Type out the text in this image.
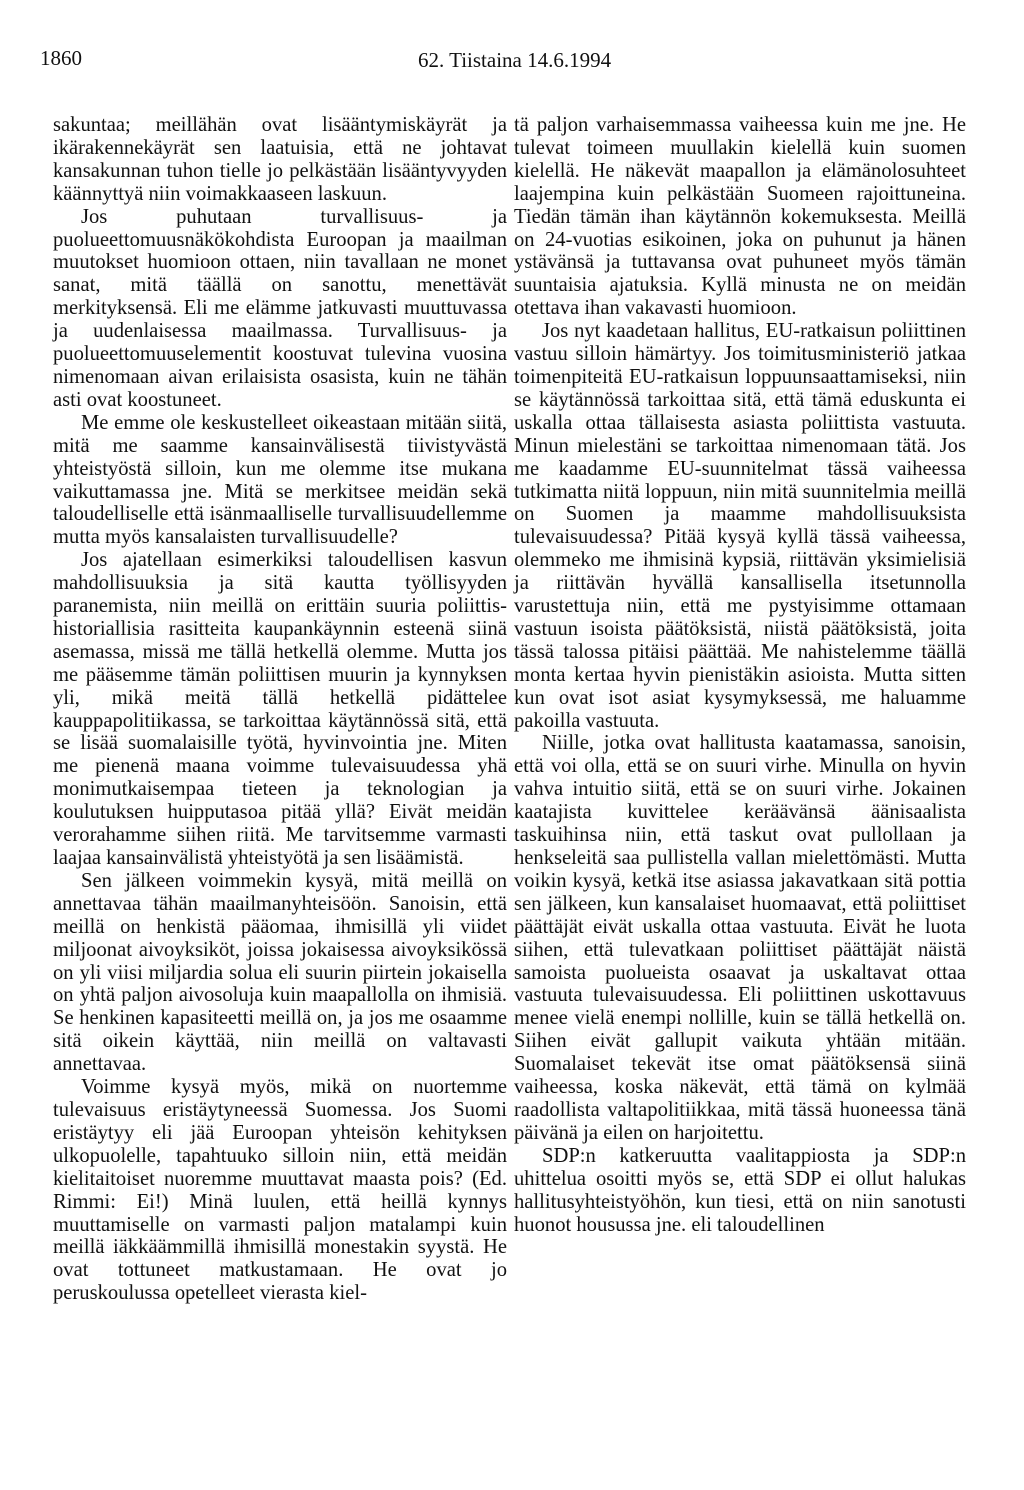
1860	62. Tiistaina 14.6.1994

sakuntaa; meillähän ovat lisääntymiskäyrät ja ikärakennekäyrät sen laatuisia, että ne johtavat kansakunnan tuhon tielle jo pelkästään lisääntyvyyden käännyttyä niin voimakkaaseen laskuun.

Jos puhutaan turvallisuus- ja puolueettomuusnäkökohdista Euroopan ja maailman muutokset huomioon ottaen, niin tavallaan ne monet sanat, mitä täällä on sanottu, menettävät merkityksensä. Eli me elämme jatkuvasti muuttuvassa ja uudenlaisessa maailmassa. Turvallisuus- ja puolueettomuuselementit koostuvat tulevina vuosina nimenomaan aivan erilaisista osasista, kuin ne tähän asti ovat koostuneet.

Me emme ole keskustelleet oikeastaan mitään siitä, mitä me saamme kansainvälisestä tiivistyvästä yhteistyöstä silloin, kun me olemme itse mukana vaikuttamassa jne. Mitä se merkitsee meidän sekä taloudelliselle että isänmaalliselle turvallisuudellemme mutta myös kansalaisten turvallisuudelle?

Jos ajatellaan esimerkiksi taloudellisen kasvun mahdollisuuksia ja sitä kautta työllisyyden paranemista, niin meillä on erittäin suuria poliittis-historiallisia rasitteita kaupankäynnin esteenä siinä asemassa, missä me tällä hetkellä olemme. Mutta jos me pääsemme tämän poliittisen muurin ja kynnyksen yli, mikä meitä tällä hetkellä pidättelee kauppapolitiikassa, se tarkoittaa käytännössä sitä, että se lisää suomalaisille työtä, hyvinvointia jne. Miten me pienenä maana voimme tulevaisuudessa yhä monimutkaisempaa tieteen ja teknologian ja koulutuksen huipputasoa pitää yllä? Eivät meidän verorahamme siihen riitä. Me tarvitsemme varmasti laajaa kansainvälistä yhteistyötä ja sen lisäämistä.

Sen jälkeen voimmekin kysyä, mitä meillä on annettavaa tähän maailmanyhteisöön. Sanoisin, että meillä on henkistä pääomaa, ihmisillä yli viidet miljoonat aivoyksiköt, joissa jokaisessa aivoyksikössä on yli viisi miljardia solua eli suurin piirtein jokaisella on yhtä paljon aivosoluja kuin maapallolla on ihmisiä. Se henkinen kapasiteetti meillä on, ja jos me osaamme sitä oikein käyttää, niin meillä on valtavasti annettavaa.

Voimme kysyä myös, mikä on nuortemme tulevaisuus eristäytyneessä Suomessa. Jos Suomi eristäytyy eli jää Euroopan yhteisön kehityksen ulkopuolelle, tapahtuuko silloin niin, että meidän kielitaitoiset nuoremme muuttavat maasta pois? (Ed. Rimmi: Ei!) Minä luulen, että heillä kynnys muuttamiselle on varmasti paljon matalampi kuin meillä iäkkäämmillä ihmisillä monestakin syystä. He ovat tottuneet matkustamaan. He ovat jo peruskoulussa opetelleet vierasta kiel-

tä paljon varhaisemmassa vaiheessa kuin me jne. He tulevat toimeen muullakin kielellä kuin suomen kielellä. He näkevät maapallon ja elämänolosuhteet laajempina kuin pelkästään Suomeen rajoittuneina. Tiedän tämän ihan käytännön kokemuksesta. Meillä on 24-vuotias esikoinen, joka on puhunut ja hänen ystävänsä ja tuttavansa ovat puhuneet myös tämän suuntaisia ajatuksia. Kyllä minusta ne on meidän otettava ihan vakavasti huomioon.

Jos nyt kaadetaan hallitus, EU-ratkaisun poliittinen vastuu silloin hämärtyy. Jos toimitusministeriö jatkaa toimenpiteitä EU-ratkaisun loppuunsaattamiseksi, niin se käytännössä tarkoittaa sitä, että tämä eduskunta ei uskalla ottaa tällaisesta asiasta poliittista vastuuta. Minun mielestäni se tarkoittaa nimenomaan tätä. Jos me kaadamme EU-suunnitelmat tässä vaiheessa tutkimatta niitä loppuun, niin mitä suunnitelmia meillä on Suomen ja maamme mahdollisuuksista tulevaisuudessa? Pitää kysyä kyllä tässä vaiheessa, olemmeko me ihmisinä kypsiä, riittävän yksimielisiä ja riittävän hyvällä kansallisella itsetunnolla varustettuja niin, että me pystyisimme ottamaan vastuun isoista päätöksistä, niistä päätöksistä, joita tässä talossa pitäisi päättää. Me nahistelemme täällä monta kertaa hyvin pienistäkin asioista. Mutta sitten kun ovat isot asiat kysymyksessä, me haluamme pakoilla vastuuta.

Niille, jotka ovat hallitusta kaatamassa, sanoisin, että voi olla, että se on suuri virhe. Minulla on hyvin vahva intuitio siitä, että se on suuri virhe. Jokainen kaatajista kuvittelee keräävänsä äänisaalista taskuihinsa niin, että taskut ovat pullollaan ja henkseleitä saa pullistella vallan mielettömästi. Mutta voikin kysyä, ketkä itse asiassa jakavatkaan sitä pottia sen jälkeen, kun kansalaiset huomaavat, että poliittiset päättäjät eivät uskalla ottaa vastuuta. Eivät he luota siihen, että tulevatkaan poliittiset päättäjät näistä samoista puolueista osaavat ja uskaltavat ottaa vastuuta tulevaisuudessa. Eli poliittinen uskottavuus menee vielä enempi nollille, kuin se tällä hetkellä on. Siihen eivät gallupit vaikuta yhtään mitään. Suomalaiset tekevät itse omat päätöksensä siinä vaiheessa, koska näkevät, että tämä on kylmää raadollista valtapolitiikkaa, mitä tässä huoneessa tänä päivänä ja eilen on harjoitettu.

SDP:n katkeruutta vaalitappiosta ja SDP:n uhittelua osoitti myös se, että SDP ei ollut halukas hallitusyhteistyöhön, kun tiesi, että on niin sanotusti huonot housussa jne. eli taloudellinen
